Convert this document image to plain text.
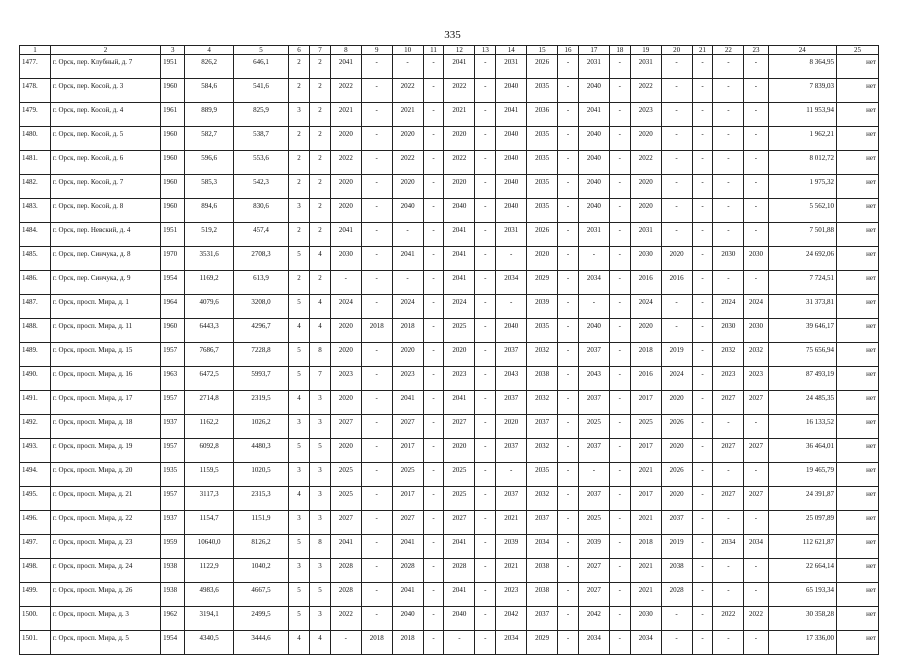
335
1	2	3	4	5	6	7	8	9	10	11	12	13	14	15	16	17	18	19	20	21	22	23	24	25
1477.	г. Орск, пер. Клубный, д. 7	1951	826,2	646,1	2	2	2041	-	-	-	2041	-	2031	2026	-	2031	-	2031	-	-	-	-	8 364,95	нет
1478.	г. Орск, пер. Косой, д. 3	1960	584,6	541,6	2	2	2022	-	2022	-	2022	-	2040	2035	-	2040	-	2022	-	-	-	-	7 839,03	нет
1479.	г. Орск, пер. Косой, д. 4	1961	889,9	825,9	3	2	2021	-	2021	-	2021	-	2041	2036	-	2041	-	2023	-	-	-	-	11 953,94	нет
1480.	г. Орск, пер. Косой, д. 5	1960	582,7	538,7	2	2	2020	-	2020	-	2020	-	2040	2035	-	2040	-	2020	-	-	-	-	1 962,21	нет
1481.	г. Орск, пер. Косой, д. 6	1960	596,6	553,6	2	2	2022	-	2022	-	2022	-	2040	2035	-	2040	-	2022	-	-	-	-	8 012,72	нет
1482.	г. Орск, пер. Косой, д. 7	1960	585,3	542,3	2	2	2020	-	2020	-	2020	-	2040	2035	-	2040	-	2020	-	-	-	-	1 975,32	нет
1483.	г. Орск, пер. Косой, д. 8	1960	894,6	830,6	3	2	2020	-	2040	-	2040	-	2040	2035	-	2040	-	2020	-	-	-	-	5 562,10	нет
1484.	г. Орск, пер. Невский, д. 4	1951	519,2	457,4	2	2	2041	-	-	-	2041	-	2031	2026	-	2031	-	2031	-	-	-	-	7 501,88	нет
1485.	г. Орск, пер. Синчука, д. 8	1970	3531,6	2708,3	5	4	2030	-	2041	-	2041	-	-	2020	-	-	-	2030	2020	-	2030	2030	24 692,06	нет
1486.	г. Орск, пер. Синчука, д. 9	1954	1169,2	613,9	2	2	-	-	-	-	2041	-	2034	2029	-	2034	-	2016	2016	-	-	-	7 724,51	нет
1487.	г. Орск, просп. Мира, д. 1	1964	4079,6	3208,0	5	4	2024	-	2024	-	2024	-	-	2039	-	-	-	2024	-	-	2024	2024	31 373,81	нет
1488.	г. Орск, просп. Мира, д. 11	1960	6443,3	4296,7	4	4	2020	2018	2018	-	2025	-	2040	2035	-	2040	-	2020	-	-	2030	2030	39 646,17	нет
1489.	г. Орск, просп. Мира, д. 15	1957	7686,7	7228,8	5	8	2020	-	2020	-	2020	-	2037	2032	-	2037	-	2018	2019	-	2032	2032	75 656,94	нет
1490.	г. Орск, просп. Мира, д. 16	1963	6472,5	5993,7	5	7	2023	-	2023	-	2023	-	2043	2038	-	2043	-	2016	2024	-	2023	2023	87 493,19	нет
1491.	г. Орск, просп. Мира, д. 17	1957	2714,8	2319,5	4	3	2020	-	2041	-	2041	-	2037	2032	-	2037	-	2017	2020	-	2027	2027	24 485,35	нет
1492.	г. Орск, просп. Мира, д. 18	1937	1162,2	1026,2	3	3	2027	-	2027	-	2027	-	2020	2037	-	2025	-	2025	2026	-	-	-	16 133,52	нет
1493.	г. Орск, просп. Мира, д. 19	1957	6092,8	4480,3	5	5	2020	-	2017	-	2020	-	2037	2032	-	2037	-	2017	2020	-	2027	2027	36 464,01	нет
1494.	г. Орск, просп. Мира, д. 20	1935	1159,5	1020,5	3	3	2025	-	2025	-	2025	-	-	2035	-	-	-	2021	2026	-	-	-	19 465,79	нет
1495.	г. Орск, просп. Мира, д. 21	1957	3117,3	2315,3	4	3	2025	-	2017	-	2025	-	2037	2032	-	2037	-	2017	2020	-	2027	2027	24 391,87	нет
1496.	г. Орск, просп. Мира, д. 22	1937	1154,7	1151,9	3	3	2027	-	2027	-	2027	-	2021	2037	-	2025	-	2021	2037	-	-	-	25 097,89	нет
1497.	г. Орск, просп. Мира, д. 23	1959	10640,0	8126,2	5	8	2041	-	2041	-	2041	-	2039	2034	-	2039	-	2018	2019	-	2034	2034	112 621,87	нет
1498.	г. Орск, просп. Мира, д. 24	1938	1122,9	1040,2	3	3	2028	-	2028	-	2028	-	2021	2038	-	2027	-	2021	2038	-	-	-	22 664,14	нет
1499.	г. Орск, просп. Мира, д. 26	1938	4983,6	4667,5	5	5	2028	-	2041	-	2041	-	2023	2038	-	2027	-	2021	2028	-	-	-	65 193,34	нет
1500.	г. Орск, просп. Мира, д. 3	1962	3194,1	2499,5	5	3	2022	-	2040	-	2040	-	2042	2037	-	2042	-	2030	-	-	2022	2022	30 358,28	нет
1501.	г. Орск, просп. Мира, д. 5	1954	4340,5	3444,6	4	4	-	2018	2018	-	-	-	2034	2029	-	2034	-	2034	-	-	-	-	17 336,00	нет
